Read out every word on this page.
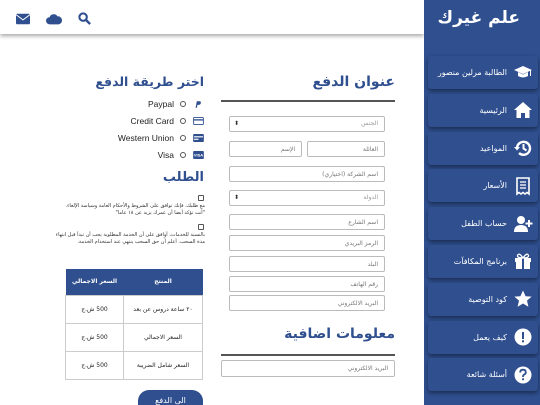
علم غيرك
الطالبة مرلين منصور
الرئيسية
المواعيد
الأسعار
حساب الطفل
برنامج المكافآت
كود التوصية
كيف يعمل
أسئلة شائعة
عنوان الدفع
⬍	الجنس
العائلة
الإسم
اسم الشركة (اختياري)
⬍	الدولة
اسم الشارع
الرمز البريدي
البلد
رقم الهاتف
البريد الالكتروني
معلومات اضافية
البريد الالكتروني
اختر طريقة الدفع
Paypal
Credit Card
Western Union
Visa	VISA
الطلب
مع طلبك، فإنك توافق على الشروط والأحكام العامة وسياسة الإلغاء. "أنت تؤكد أيضا أن عمرك يزيد عن ١٨ عاما"
بالنسبة للخدمات، أوافق على أن الخدمة المطلوبة يجب أن تبدأ قبل انتهاء مدة السحب. أعلم أن حق السحب ينتهي عند استخدام الخدمة.
السعر الاجمالي	المنتج
500 ش.ج	٢٠ ساعة دروس عن بعد
500 ش.ج	السعر الاجمالي
500 ش.ج	السعر شامل الضريبة
الى الدفع
